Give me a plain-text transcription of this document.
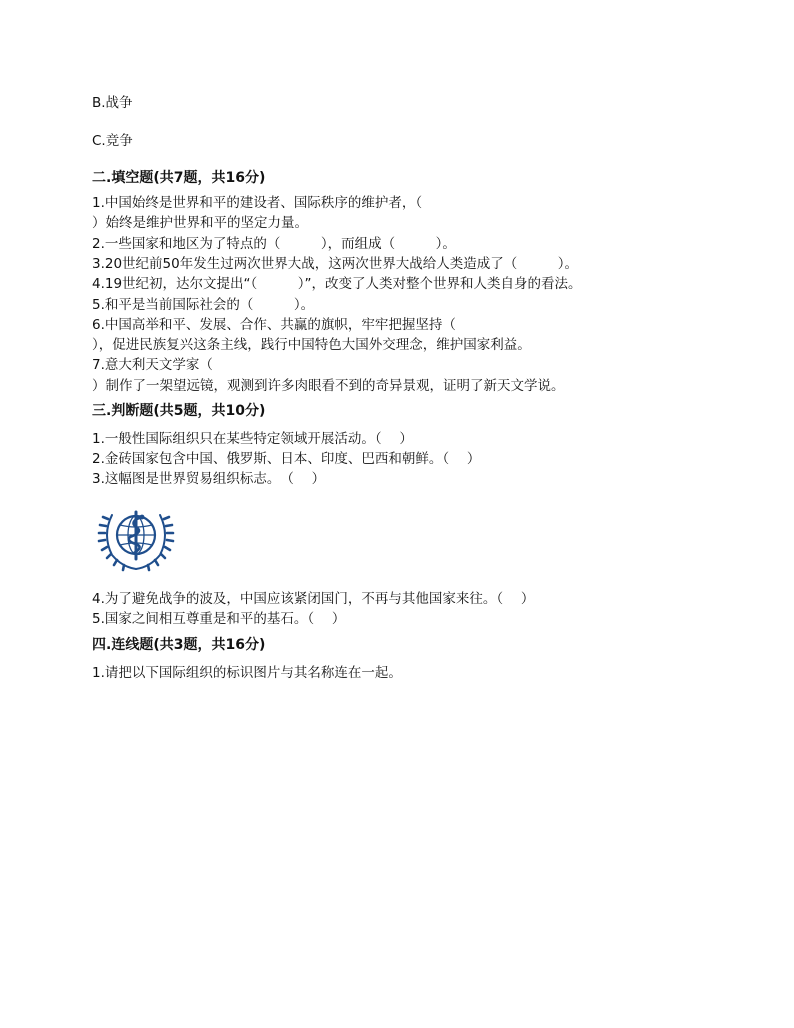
B.战争

C.竞争

二.填空题(共7题，共16分)

1.中国始终是世界和平的建设者、国际秩序的维护者，（

）始终是维护世界和平的坚定力量。

2.一些国家和地区为了特点的（　　　），而组成（　　　）。

3.20世纪前50年发生过两次世界大战，这两次世界大战给人类造成了（　　　）。

4.19世纪初，达尔文提出“（　　　）”，改变了人类对整个世界和人类自身的看法。

5.和平是当前国际社会的（　　　）。

6.中国高举和平、发展、合作、共赢的旗帜，牢牢把握坚持（

），促进民族复兴这条主线，践行中国特色大国外交理念，维护国家利益。

7.意大利天文学家（

）制作了一架望远镜，观测到许多肉眼看不到的奇异景观，证明了新天文学说。

三.判断题(共5题，共10分)

1.一般性国际组织只在某些特定领域开展活动。（　 ）

2.金砖国家包含中国、俄罗斯、日本、印度、巴西和朝鲜。（　 ）

3.这幅图是世界贸易组织标志。　（　 ）

4.为了避免战争的波及，中国应该紧闭国门，不再与其他国家来往。（　 ）

5.国家之间相互尊重是和平的基石。（　 ）

四.连线题(共3题，共16分)

1.请把以下国际组织的标识图片与其名称连在一起。
